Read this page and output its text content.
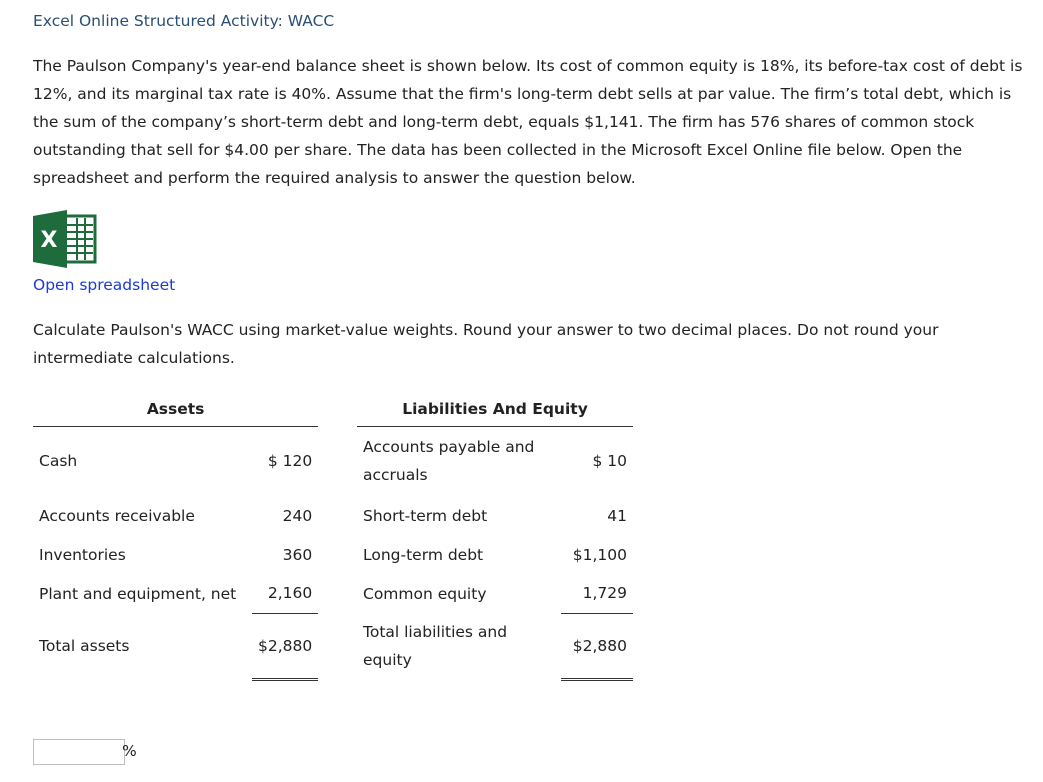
Excel Online Structured Activity: WACC
The Paulson Company's year-end balance sheet is shown below. Its cost of common equity is 18%, its before-tax cost of debt is 12%, and its marginal tax rate is 40%. Assume that the firm's long-term debt sells at par value. The firm’s total debt, which is the sum of the company’s short-term debt and long-term debt, equals $1,141. The firm has 576 shares of common stock outstanding that sell for $4.00 per share. The data has been collected in the Microsoft Excel Online file below. Open the spreadsheet and perform the required analysis to answer the question below.
X
Open spreadsheet
Calculate Paulson's WACC using market-value weights. Round your answer to two decimal places. Do not round your intermediate calculations.
Assets	
Cash	$ 120
Accounts receivable	240
Inventories	360
Plant and equipment, net	2,160
Total assets	$2,880
Liabilities And Equity	
Accounts payable and accruals	$ 10
Short-term debt	41
Long-term debt	$1,100
Common equity	1,729
Total liabilities and equity	$2,880
%
